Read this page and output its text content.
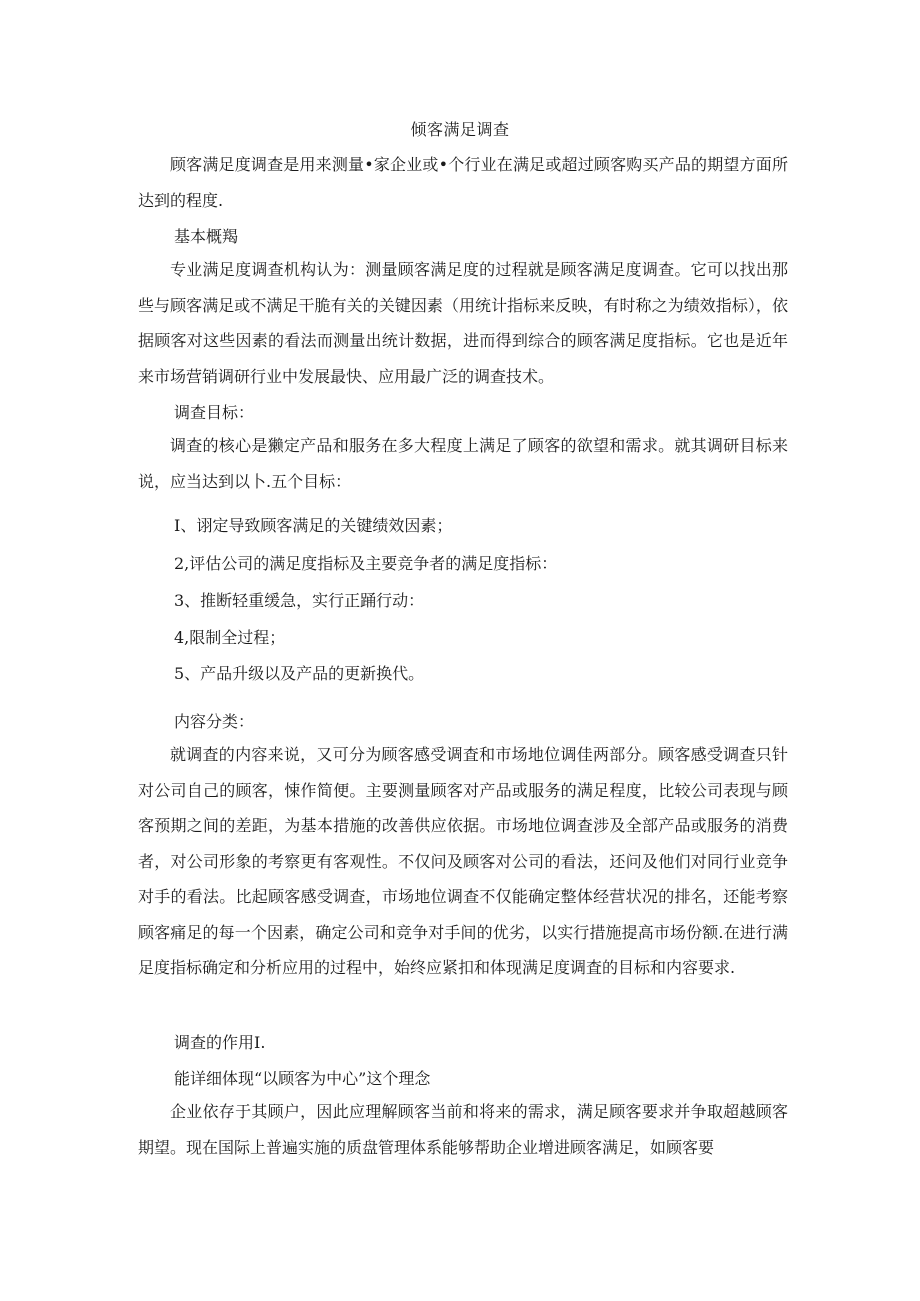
倾客满足调查
顾客满足度调查是用来测量•家企业或•个行业在满足或超过顾客购买产品的期望方面所达到的程度.
基本概羯
专业满足度调查机构认为：测量顾客满足度的过程就是顾客满足度调查。它可以找出那些与顾客满足或不满足干脆有关的关键因素（用统计指标来反映，有时称之为绩效指标），依据顾客对这些因素的看法而测量出统计数据，进而得到综合的顾客满足度指标。它也是近年来市场营销调研行业中发展最快、应用最广泛的调查技术。
调查目标：
调查的核心是獭定产品和服务在多大程度上满足了顾客的欲望和需求。就其调研目标来说，应当达到以卜.五个目标：
I、诩定导致顾客满足的关键绩效因素；
2,评估公司的满足度指标及主要竞争者的满足度指标：
3、推断轻重缓急，实行正踊行动：
4,限制全过程；
5、产品升级以及产品的更新换代。
内容分类：
就调査的内容来说，又可分为顾客感受调査和市场地位调佳两部分。顾客感受调查只针对公司自己的顾客，悚作简便。主要测量顾客对产品或服务的满足程度，比较公司表现与顾客预期之间的差距，为基本措施的改善供应依据。市场地位调查涉及全部产品或服务的消费者，对公司形象的考察更有客观性。不仅问及顾客对公司的看法，还问及他们对同行业竞争对手的看法。比起顾客感受调查，市场地位调查不仅能确定整体经营状况的排名，还能考察顾客痛足的每一个因素，确定公司和竞争对手间的优劣，以实行措施提高市场份额.在进行满足度指标确定和分析应用的过程中，始终应紧扣和体现满足度调査的目标和内容要求.
调查的作用I.
能详细体现“以顾客为中心”这个理念
企业依存于其顾户，因此应理解顾客当前和将来的需求，满足顾客要求并争取超越顾客期望。现在国际上普遍实施的质盘管理体系能够帮助企业增进顾客满足，如顾客要
